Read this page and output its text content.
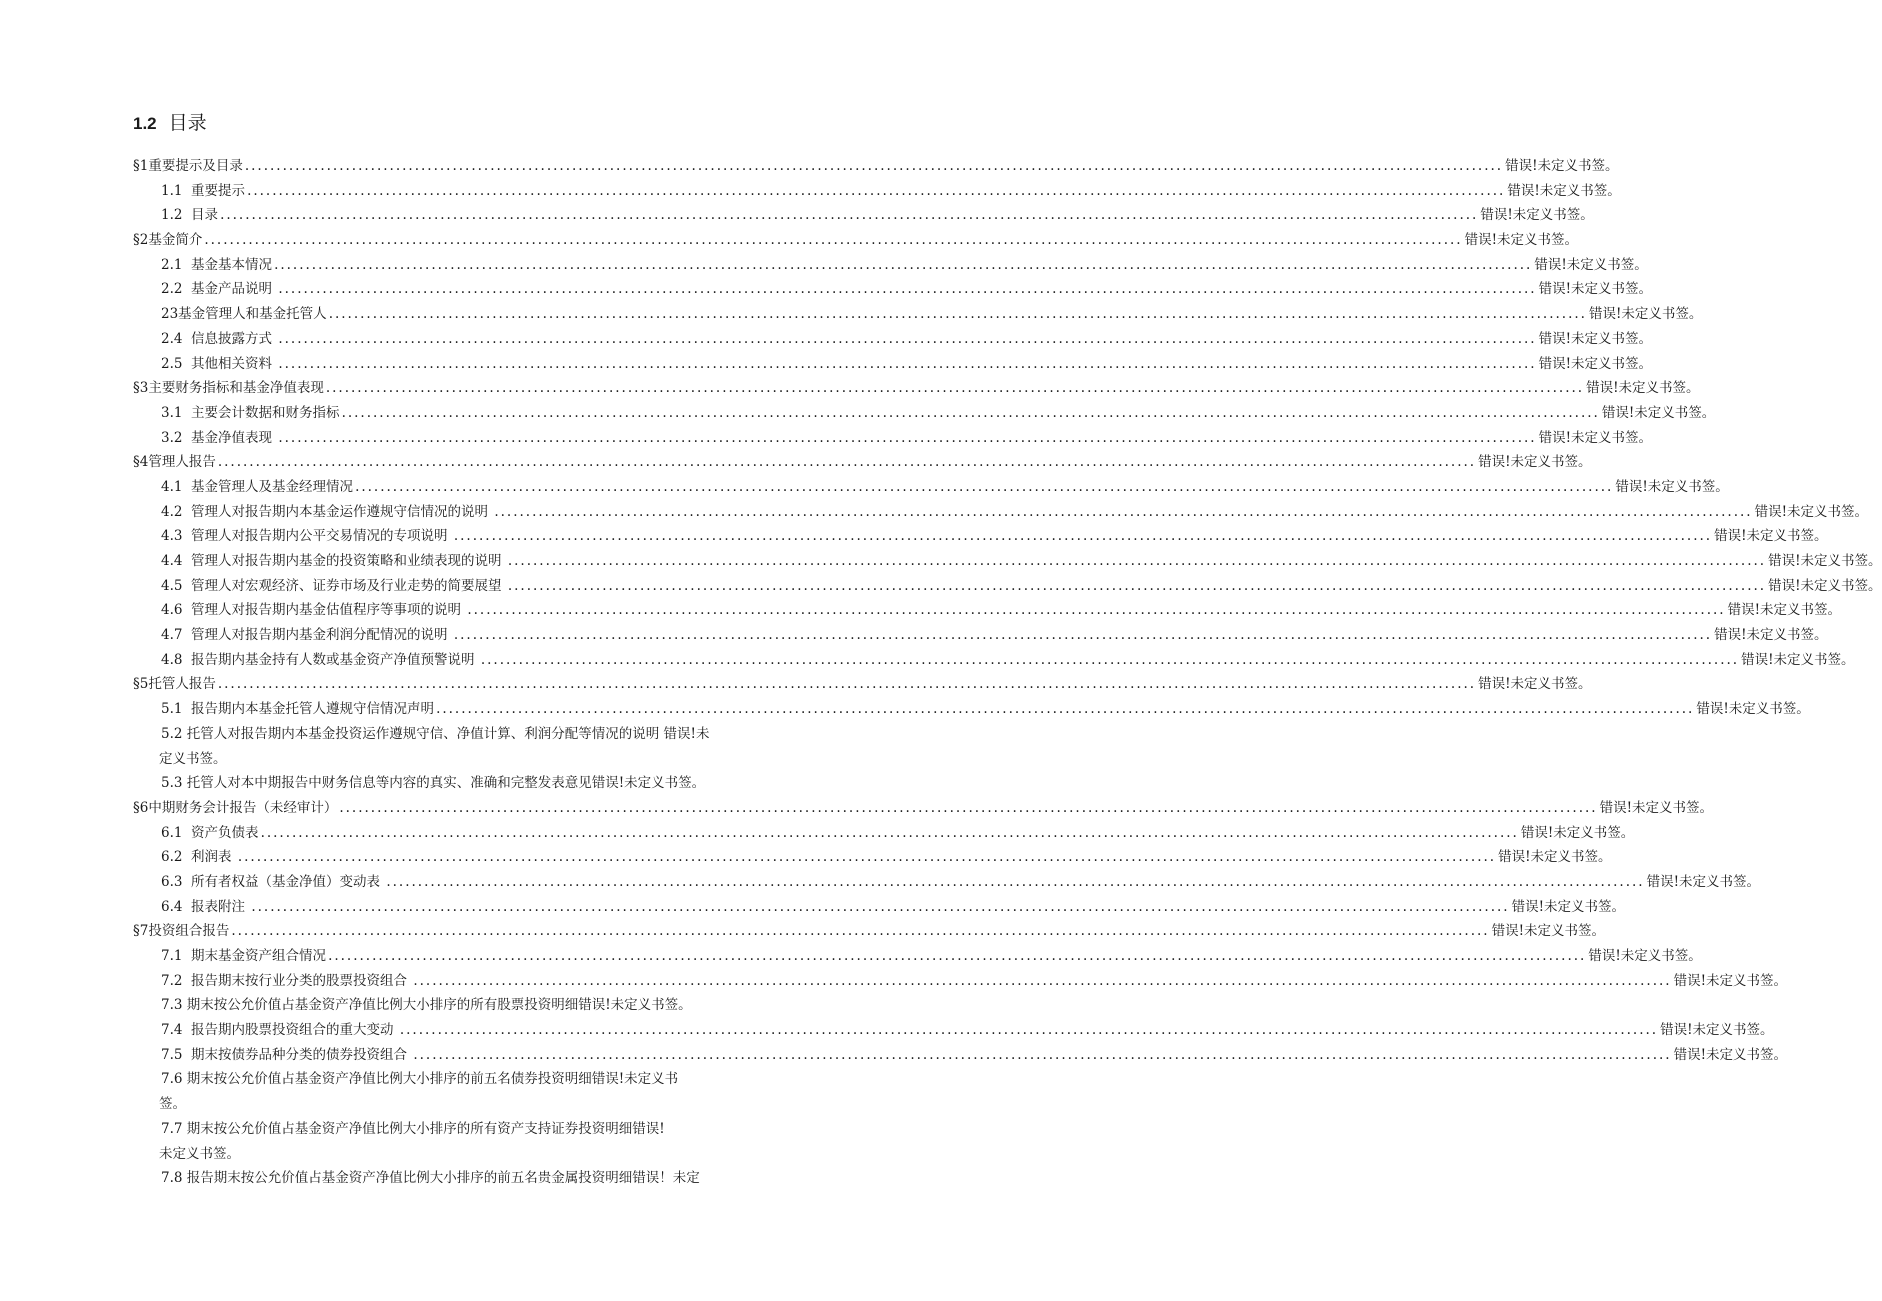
1.2 目录
§1重要提示及目录 ........................................................................................................................................................................................................ 错误!未定义书签。
1.1  重要提示 ........................................................................................................................................................................................................ 错误!未定义书签。
1.2  目录 ........................................................................................................................................................................................................ 错误!未定义书签。
§2基金简介 ........................................................................................................................................................................................................ 错误!未定义书签。
2.1  基金基本情况 ........................................................................................................................................................................................................ 错误!未定义书签。
2.2  基金产品说明 ........................................................................................................................................................................................................ 错误!未定义书签。
23基金管理人和基金托管人 ........................................................................................................................................................................................................ 错误!未定义书签。
2.4  信息披露方式 ........................................................................................................................................................................................................ 错误!未定义书签。
2.5  其他相关资料 ........................................................................................................................................................................................................ 错误!未定义书签。
§3主要财务指标和基金净值表现 ........................................................................................................................................................................................................ 错误!未定义书签。
3.1  主要会计数据和财务指标 ........................................................................................................................................................................................................ 错误!未定义书签。
3.2  基金净值表现 ........................................................................................................................................................................................................ 错误!未定义书签。
§4管理人报告 ........................................................................................................................................................................................................ 错误!未定义书签。
4.1  基金管理人及基金经理情况 ........................................................................................................................................................................................................ 错误!未定义书签。
4.2  管理人对报告期内本基金运作遵规守信情况的说明 ........................................................................................................................................................................................................ 错误!未定义书签。
4.3  管理人对报告期内公平交易情况的专项说明 ........................................................................................................................................................................................................ 错误!未定义书签。
4.4  管理人对报告期内基金的投资策略和业绩表现的说明 ........................................................................................................................................................................................................ 错误!未定义书签。
4.5  管理人对宏观经济、证券市场及行业走势的简要展望 ........................................................................................................................................................................................................ 错误!未定义书签。
4.6  管理人对报告期内基金估值程序等事项的说明 ........................................................................................................................................................................................................ 错误!未定义书签。
4.7  管理人对报告期内基金利润分配情况的说明 ........................................................................................................................................................................................................ 错误!未定义书签。
4.8  报告期内基金持有人数或基金资产净值预警说明 ........................................................................................................................................................................................................ 错误!未定义书签。
§5托管人报告 ........................................................................................................................................................................................................ 错误!未定义书签。
5.1  报告期内本基金托管人遵规守信情况声明 ........................................................................................................................................................................................................ 错误!未定义书签。
5.2 托管人对报告期内本基金投资运作遵规守信、净值计算、利润分配等情况的说明 错误!未

定义书签。
5.3 托管人对本中期报告中财务信息等内容的真实、准确和完整发表意见错误!未定义书签。
§6中期财务会计报告（未经审计） ........................................................................................................................................................................................................ 错误!未定义书签。
6.1  资产负债表 ........................................................................................................................................................................................................ 错误!未定义书签。
6.2  利润表 ........................................................................................................................................................................................................ 错误!未定义书签。
6.3  所有者权益（基金净值）变动表 ........................................................................................................................................................................................................ 错误!未定义书签。
6.4  报表附注 ........................................................................................................................................................................................................ 错误!未定义书签。
§7投资组合报告 ........................................................................................................................................................................................................ 错误!未定义书签。
7.1  期末基金资产组合情况 ........................................................................................................................................................................................................ 错误!未定义书签。
7.2  报告期末按行业分类的股票投资组合 ........................................................................................................................................................................................................ 错误!未定义书签。
7.3 期末按公允价值占基金资产净值比例大小排序的所有股票投资明细错误!未定义书签。
7.4  报告期内股票投资组合的重大变动 ........................................................................................................................................................................................................ 错误!未定义书签。
7.5  期末按债券品种分类的债券投资组合 ........................................................................................................................................................................................................ 错误!未定义书签。
7.6 期末按公允价值占基金资产净值比例大小排序的前五名债券投资明细错误!未定义书

签。
7.7 期末按公允价值占基金资产净值比例大小排序的所有资产支持证券投资明细错误!

未定义书签。
7.8 报告期末按公允价值占基金资产净值比例大小排序的前五名贵金属投资明细错误！未定
